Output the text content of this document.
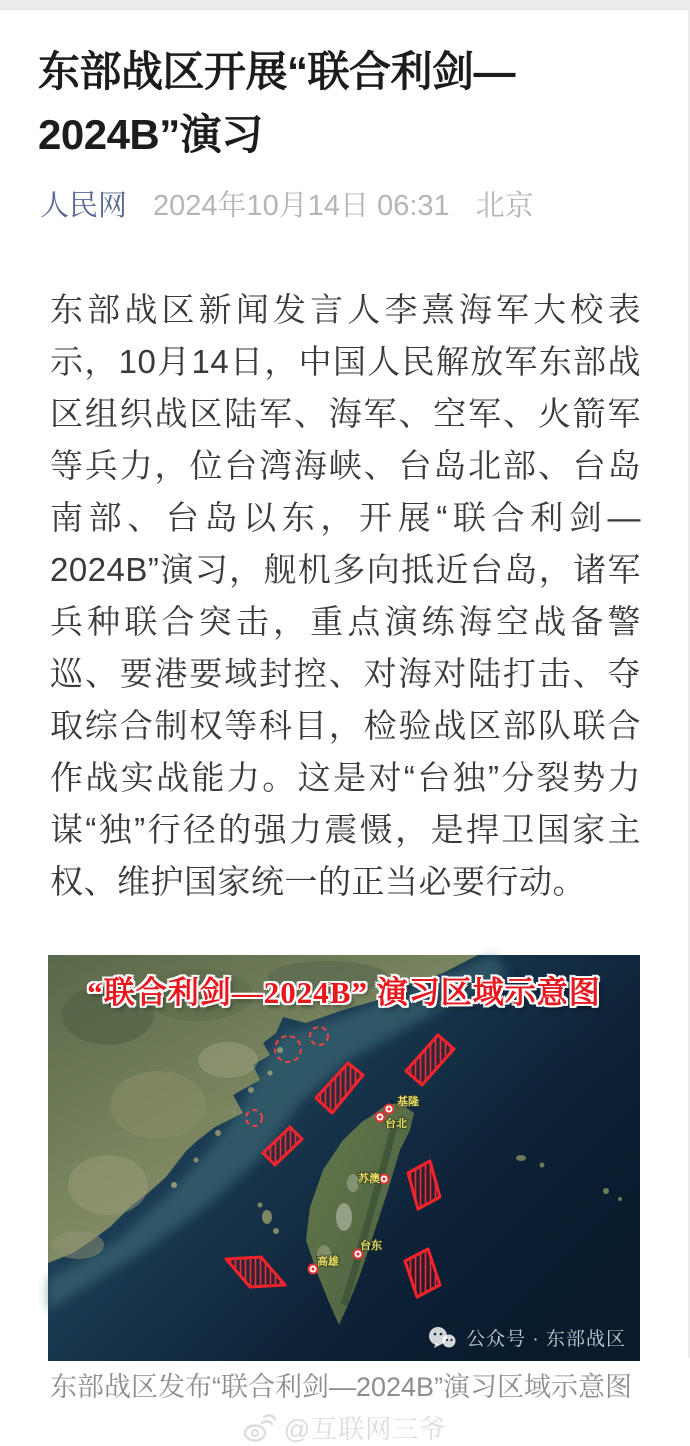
东部战区开展“联合利剑—2024B”演习
人民网 2024年10月14日 06:31 北京

东部战区新闻发言人李熹海军大校表示，10月14日，中国人民解放军东部战区组织战区陆军、海军、空军、火箭军等兵力，位台湾海峡、台岛北部、台岛南部、台岛以东，开展“联合利剑—2024B”演习，舰机多向抵近台岛，诸军兵种联合突击，重点演练海空战备警巡、要港要域封控、对海对陆打击、夺取综合制权等科目，检验战区部队联合作战实战能力。这是对“台独”分裂势力谋“独”行径的强力震慑，是捍卫国家主权、维护国家统一的正当必要行动。

基隆
台北
苏澳
台东
高雄
“联合利剑—2024B” 演习区域示意图
公众号 · 东部战区
东部战区发布“联合利剑—2024B”演习区域示意图
@互联网三爷
